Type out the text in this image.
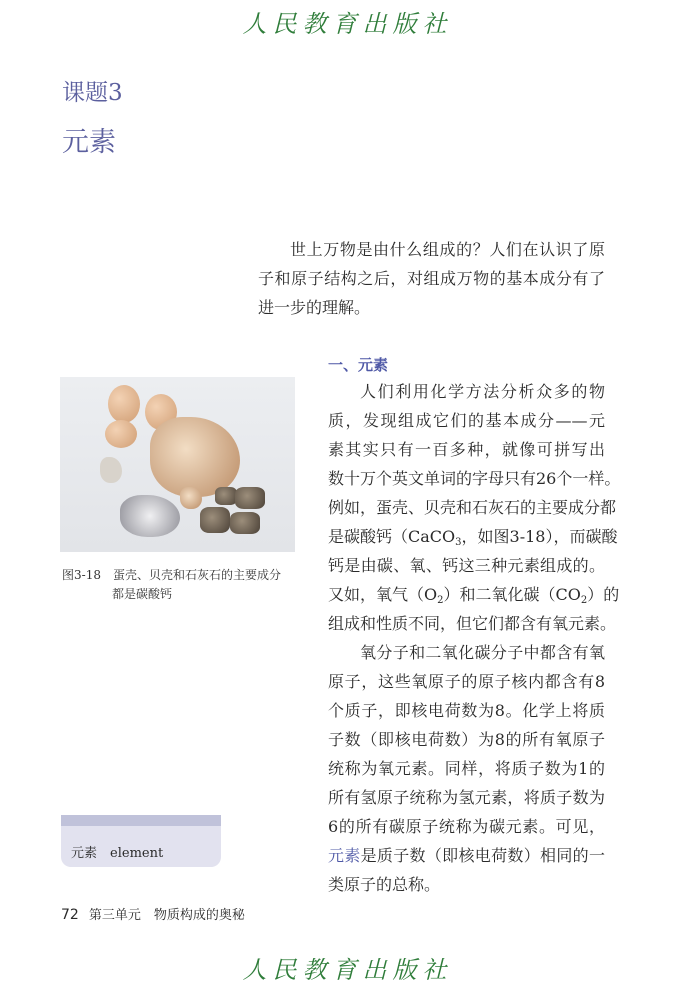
人民教育出版社
课题3
元素
世上万物是由什么组成的？人们在认识了原
子和原子结构之后，对组成万物的基本成分有了
进一步的理解。
一、元素
人们利用化学方法分析众多的物
质，发现组成它们的基本成分——元
素其实只有一百多种，就像可拼写出
数十万个英文单词的字母只有26个一样。
例如，蛋壳、贝壳和石灰石的主要成分都
是碳酸钙（CaCO$_3$，如图3-18），而碳酸
钙是由碳、氧、钙这三种元素组成的。
又如，氧气$(O_2)$和二氧化碳$(CO_2)$的
组成和性质不同，但它们都含有氧元素。
氧分子和二氧化碳分子中都含有氧
原子，这些氧原子的原子核内都含有8
个质子，即核电荷数为8。化学上将质
子数（即核电荷数）为8的所有氧原子
统称为氧元素。同样，将质子数为1的
所有氢原子统称为氢元素，将质子数为
6的所有碳原子统称为碳元素。可见，
元素是质子数（即核电荷数）相同的一
类原子的总称。
图3-18　 蛋壳、贝壳和石灰石的主要成分
都是碳酸钙
元素　 element
72 第三单元　物质构成的奥秘
人民教育出版社
